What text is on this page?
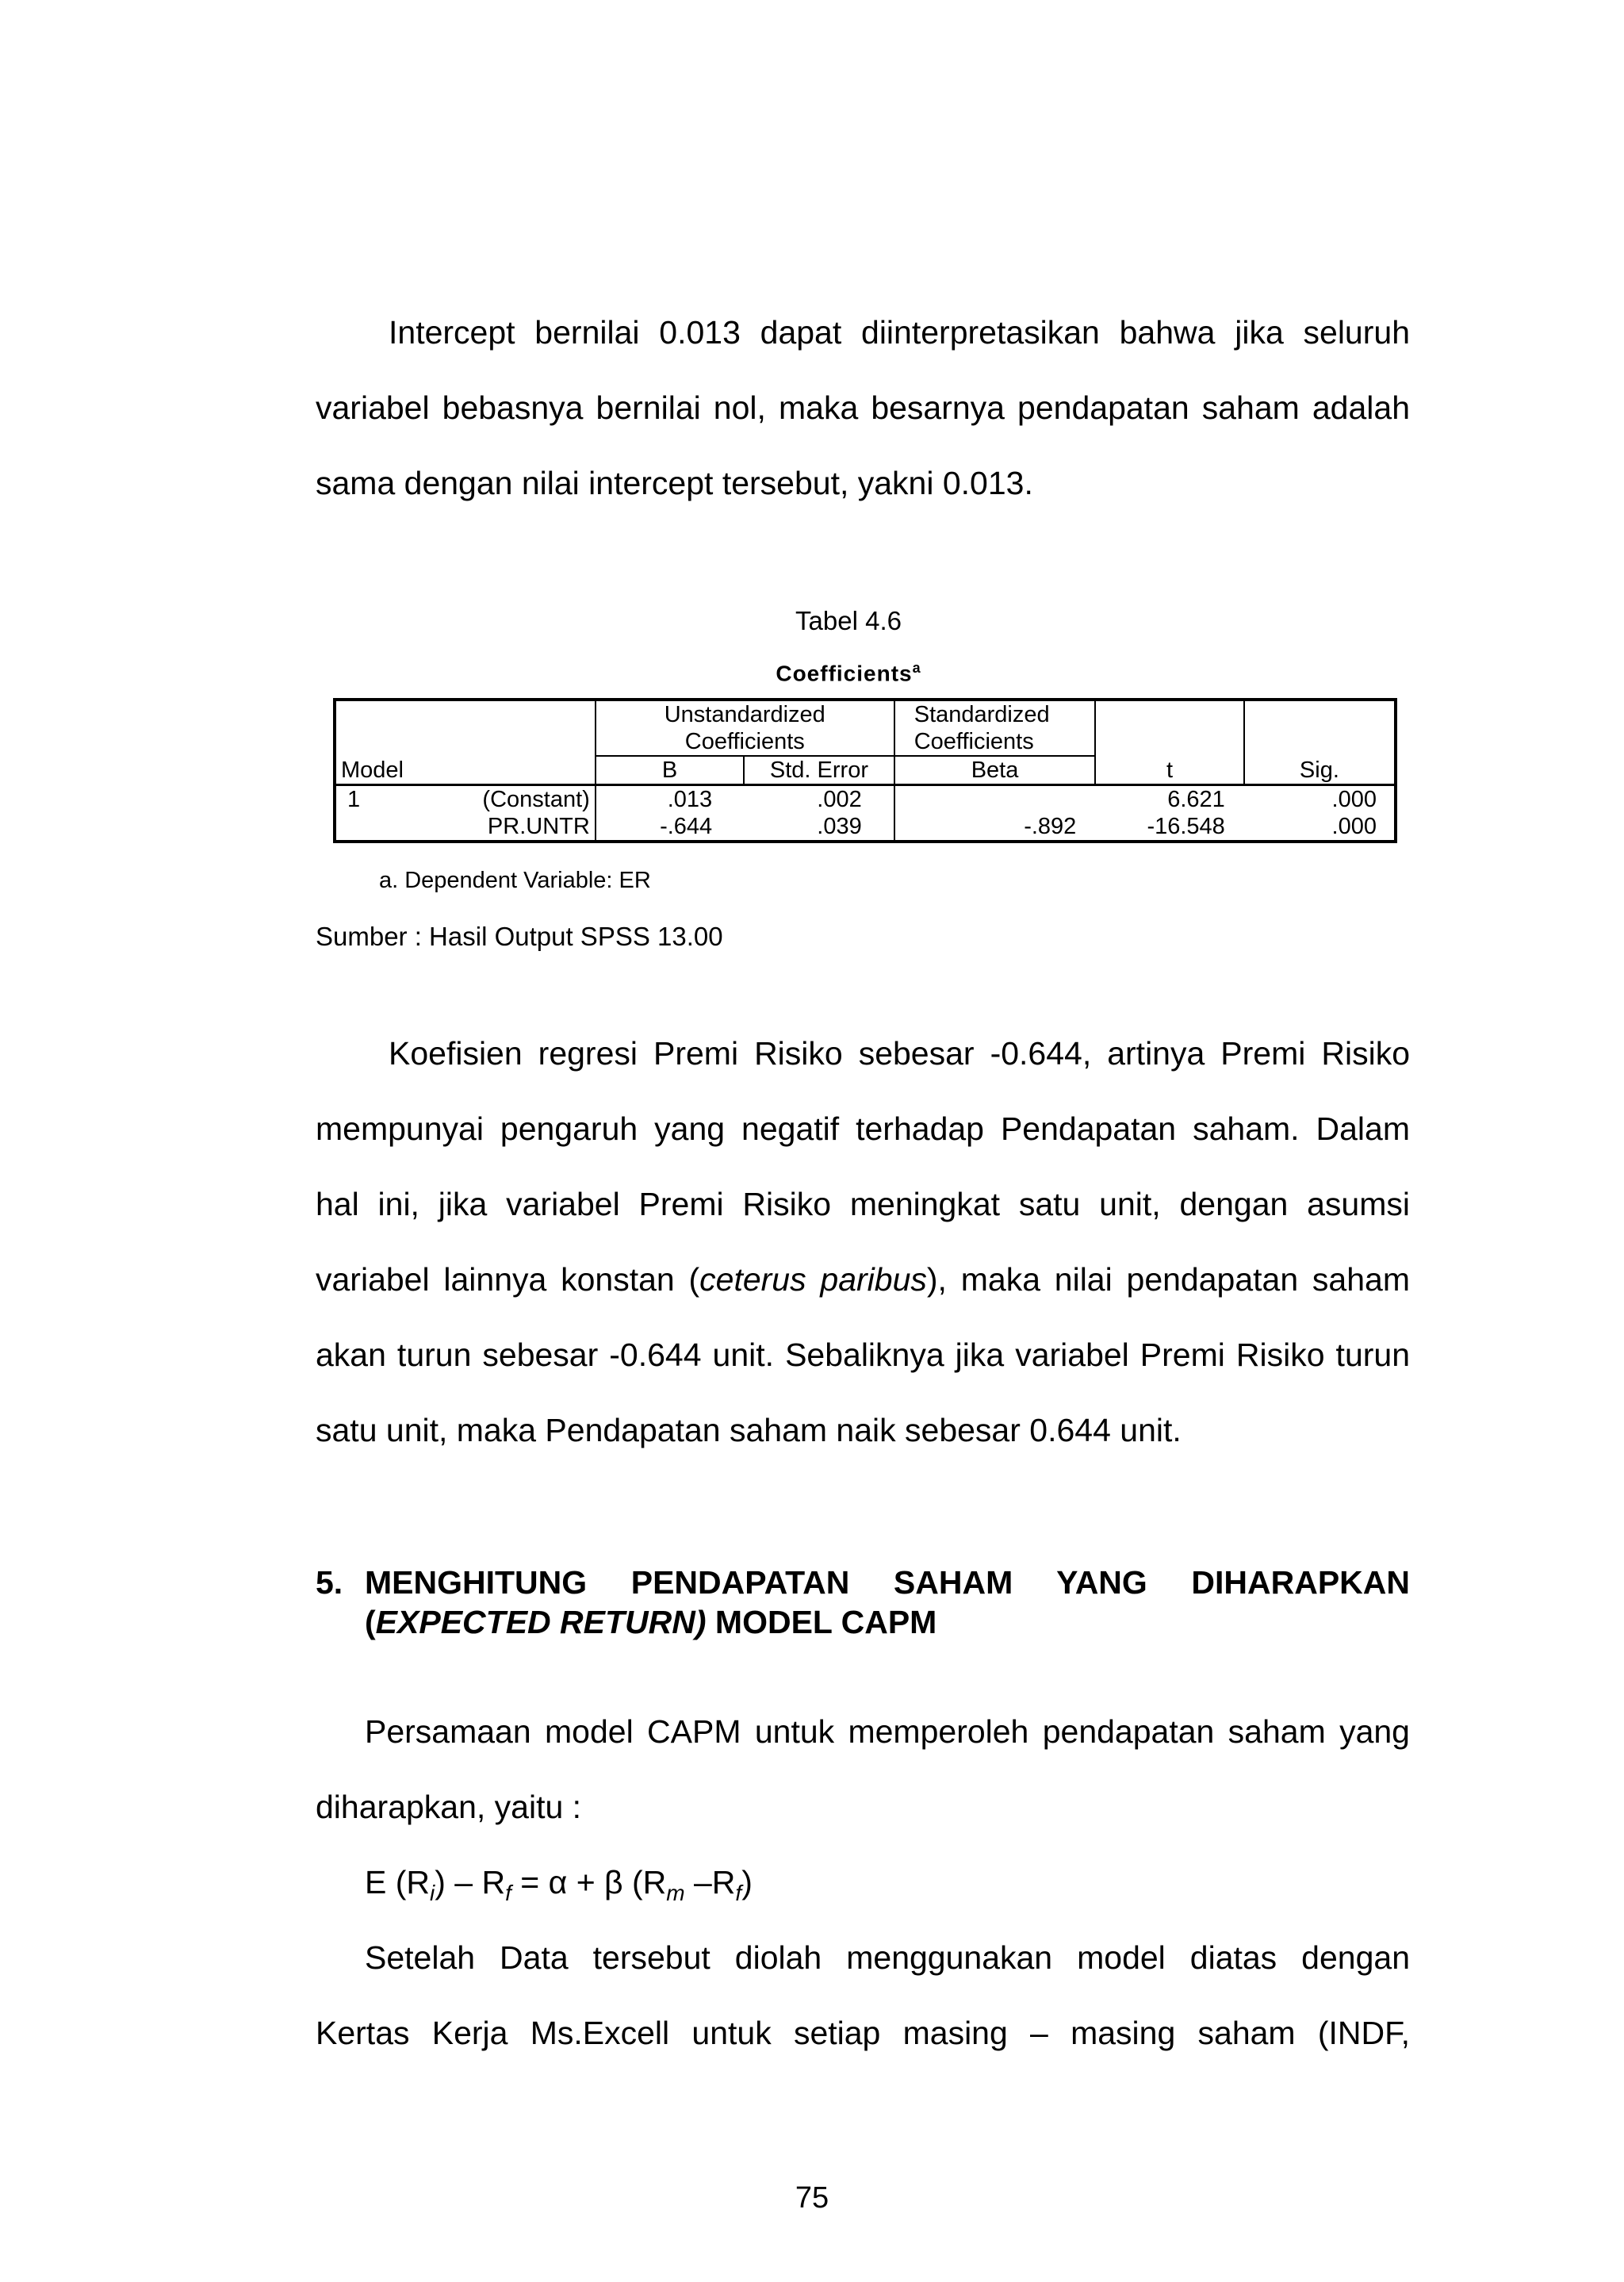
Intercept bernilai 0.013 dapat diinterpretasikan bahwa jika seluruh
variabel bebasnya bernilai nol, maka besarnya pendapatan saham adalah
sama dengan nilai intercept tersebut, yakni 0.013.
Tabel 4.6
Coefficients$^a$
		Unstandardized		Standardized		
		Coefficients		Coefficients		
Model		B	Std. Error	Beta	t	Sig.
1	(Constant)	.013	.002		6.621	.000
	PR.UNTR	-.644	.039	-.892	-16.548	.000
a. Dependent Variable: ER
Sumber : Hasil Output SPSS 13.00
Koefisien regresi Premi Risiko sebesar -0.644, artinya Premi Risiko
mempunyai pengaruh yang negatif terhadap Pendapatan saham. Dalam
hal ini, jika variabel Premi Risiko meningkat satu unit, dengan asumsi
variabel lainnya konstan (ceterus paribus), maka nilai pendapatan saham
akan turun sebesar -0.644 unit. Sebaliknya jika variabel Premi Risiko turun
satu unit, maka Pendapatan saham naik sebesar 0.644 unit.
5. MENGHITUNG PENDAPATAN SAHAM YANG DIHARAPKAN
(EXPECTED RETURN) MODEL CAPM
Persamaan model CAPM untuk memperoleh pendapatan saham yang
diharapkan, yaitu :
E $(R_i) - R_f = \alpha + \beta$ ($R_m$ $-R_f$)
Setelah Data tersebut diolah menggunakan model diatas dengan
Kertas Kerja Ms.Excell untuk setiap masing – masing saham (INDF,
75
